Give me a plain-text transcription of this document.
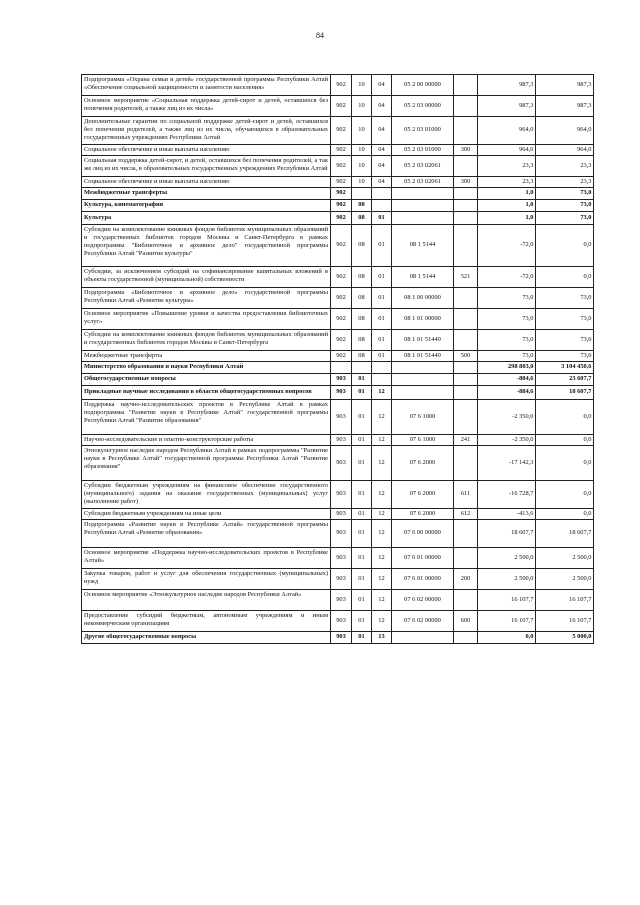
84
Подпрограмма «Охрана семьи и детей» государственной программы Республики Алтай «Обеспечение социальной защищенности и занятости населения»	902	10	04	05 2 00 00000		987,3	987,3
Основное мероприятие «Социальная поддержка детей-сирот и детей, оставшихся без попечения родителей, а также лиц из их числа»	902	10	04	05 2 03 00000		987,3	987,3
Дополнительные гарантии по социальной поддержке детей-сирот и детей, оставшихся без попечения родителей, а также лиц из их числа, обучающихся в образовательных государственных учреждениях Республики Алтай	902	10	04	05 2 03 01000		964,0	964,0
Социальное обеспечение и иные выплаты населению	902	10	04	05 2 03 01000	300	964,0	964,0
Социальная поддержка детей-сирот, и детей, оставшихся без попечения родителей, а так же лиц из их числа, в образовательных государственных учреждениях Республики Алтай	902	10	04	05 2 03 02061		23,3	23,3
Социальное обеспечение и иные выплаты населению	902	10	04	05 2 03 02061	300	23,3	23,3
Межбюджетные трансферты	902					1,0	73,0
Культура, кинематография	902	08				1,0	73,0
Культура	902	08	01			1,0	73,0
Субсидии на комплектование книжных фондов библиотек муниципальных образований и государственных библиотек городов Москвы и Санкт-Петербурга в рамках подпрограммы "Библиотечное и архивное дело" государственной программы Республики Алтай "Развитие культуры"	902	08	01	08 1 5144		-72,0	0,0
Субсидии, за исключением субсидий на софинансирование капитальных вложений в объекты государственной (муниципальной) собственности	902	08	01	08 1 5144	521	-72,0	0,0
Подпрограмма «Библиотечное и архивное дело» государственной программы Республики Алтай «Развитие культуры»	902	08	01	08 1 00 00000		73,0	73,0
Основное мероприятие «Повышение уровня и качества предоставления библиотечных услуг»	902	08	01	08 1 01 00000		73,0	73,0
Субсидии на комплектование книжных фондов библиотек муниципальных образований и государственных библиотек городов Москвы и Санкт-Петербурга	902	08	01	08 1 01 51440		73,0	73,0
Межбюджетные трансферты	902	08	01	08 1 01 51440	500	73,0	73,0
Министерство образования и науки Республики Алтай						298 803,0	3 104 450,6
Общегосударственные вопросы	903	01				-884,6	23 607,7
Прикладные научные исследования в области общегосударственных вопросов	903	01	12			-884,6	18 607,7
Поддержка научно-исследовательских проектов в Республике Алтай в рамках подпрограммы "Развитие науки в Республике Алтай" государственной программы Республики Алтай "Развитие образования"	903	01	12	07 6 1000		-2 350,0	0,0
Научно-исследовательские и опытно-конструкторские работы	903	01	12	07 6 1000	241	-2 350,0	0,0
Этнокультурное наследие народов Республики Алтай в рамках подпрограммы "Развитие науки в Республике Алтай" государственной программы Республики Алтай "Развитие образования"	903	01	12	07 6 2000		-17 142,3	0,0
Субсидии бюджетным учреждениям на финансовое обеспечение государственного (муниципального) задания на оказание государственных (муниципальных) услуг (выполнение работ)	903	01	12	07 6 2000	611	-16 728,7	0,0
Субсидии бюджетным учреждениям на иные цели	903	01	12	07 6 2000	612	-413,6	0,0
Подпрограмма «Развитие науки в Республике Алтай» государственной программы Республики Алтай «Развитие образования»	903	01	12	07 6 00 00000		18 607,7	18 607,7
Основное мероприятие «Поддержка научно-исследовательских проектов в Республике Алтай»	903	01	12	07 6 01 00000		2 500,0	2 500,0
Закупка товаров, работ и услуг для обеспечения государственных (муниципальных) нужд	903	01	12	07 6 01 00000	200	2 500,0	2 500,0
Основное мероприятие «Этнокультурное наследие народов Республики Алтай»	903	01	12	07 6 02 00000		16 107,7	16 107,7
Предоставление субсидий бюджетным, автономным учреждениям и иным некоммерческим организациям	903	01	12	07 6 02 00000	600	16 107,7	16 107,7
Другие общегосударственные вопросы	903	01	13			0,0	5 000,0
